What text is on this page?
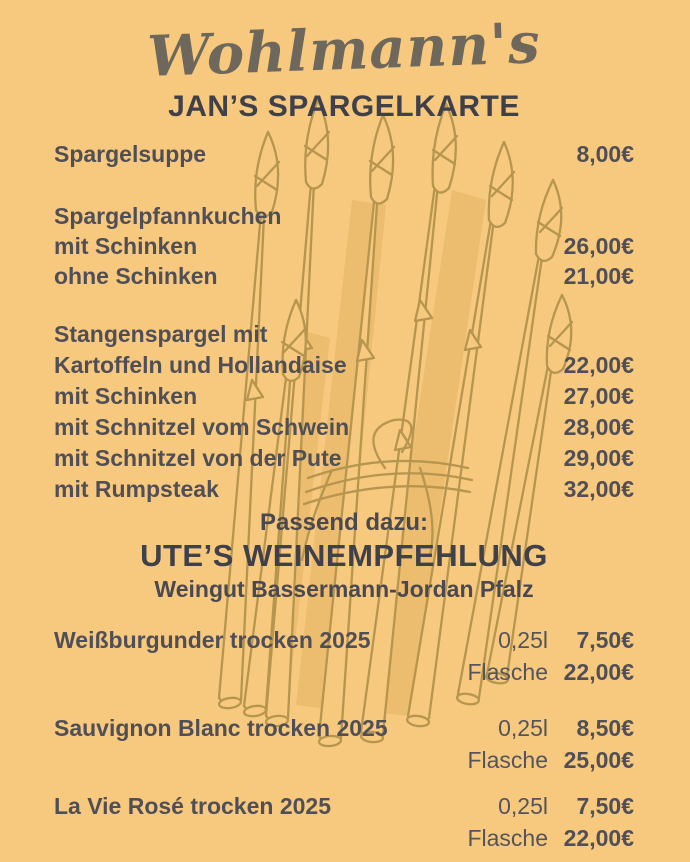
Wohlmann's
JAN’S SPARGELKARTE
Spargelsuppe	8,00€
Spargelpfannkuchen
mit Schinken	26,00€
ohne Schinken	21,00€
Stangenspargel mit
Kartoffeln und Hollandaise	22,00€
mit Schinken	27,00€
mit Schnitzel vom Schwein	28,00€
mit Schnitzel von der Pute	29,00€
mit Rumpsteak	32,00€
Passend dazu:
UTE’S WEINEMPFEHLUNG
Weingut Bassermann-Jordan Pfalz
Weißburgunder trocken 2025	0,25l	7,50€
Flasche 22,00€
Sauvignon Blanc trocken 2025	0,25l	8,50€
Flasche 25,00€
La Vie Rosé trocken 2025	0,25l	7,50€
Flasche 22,00€
